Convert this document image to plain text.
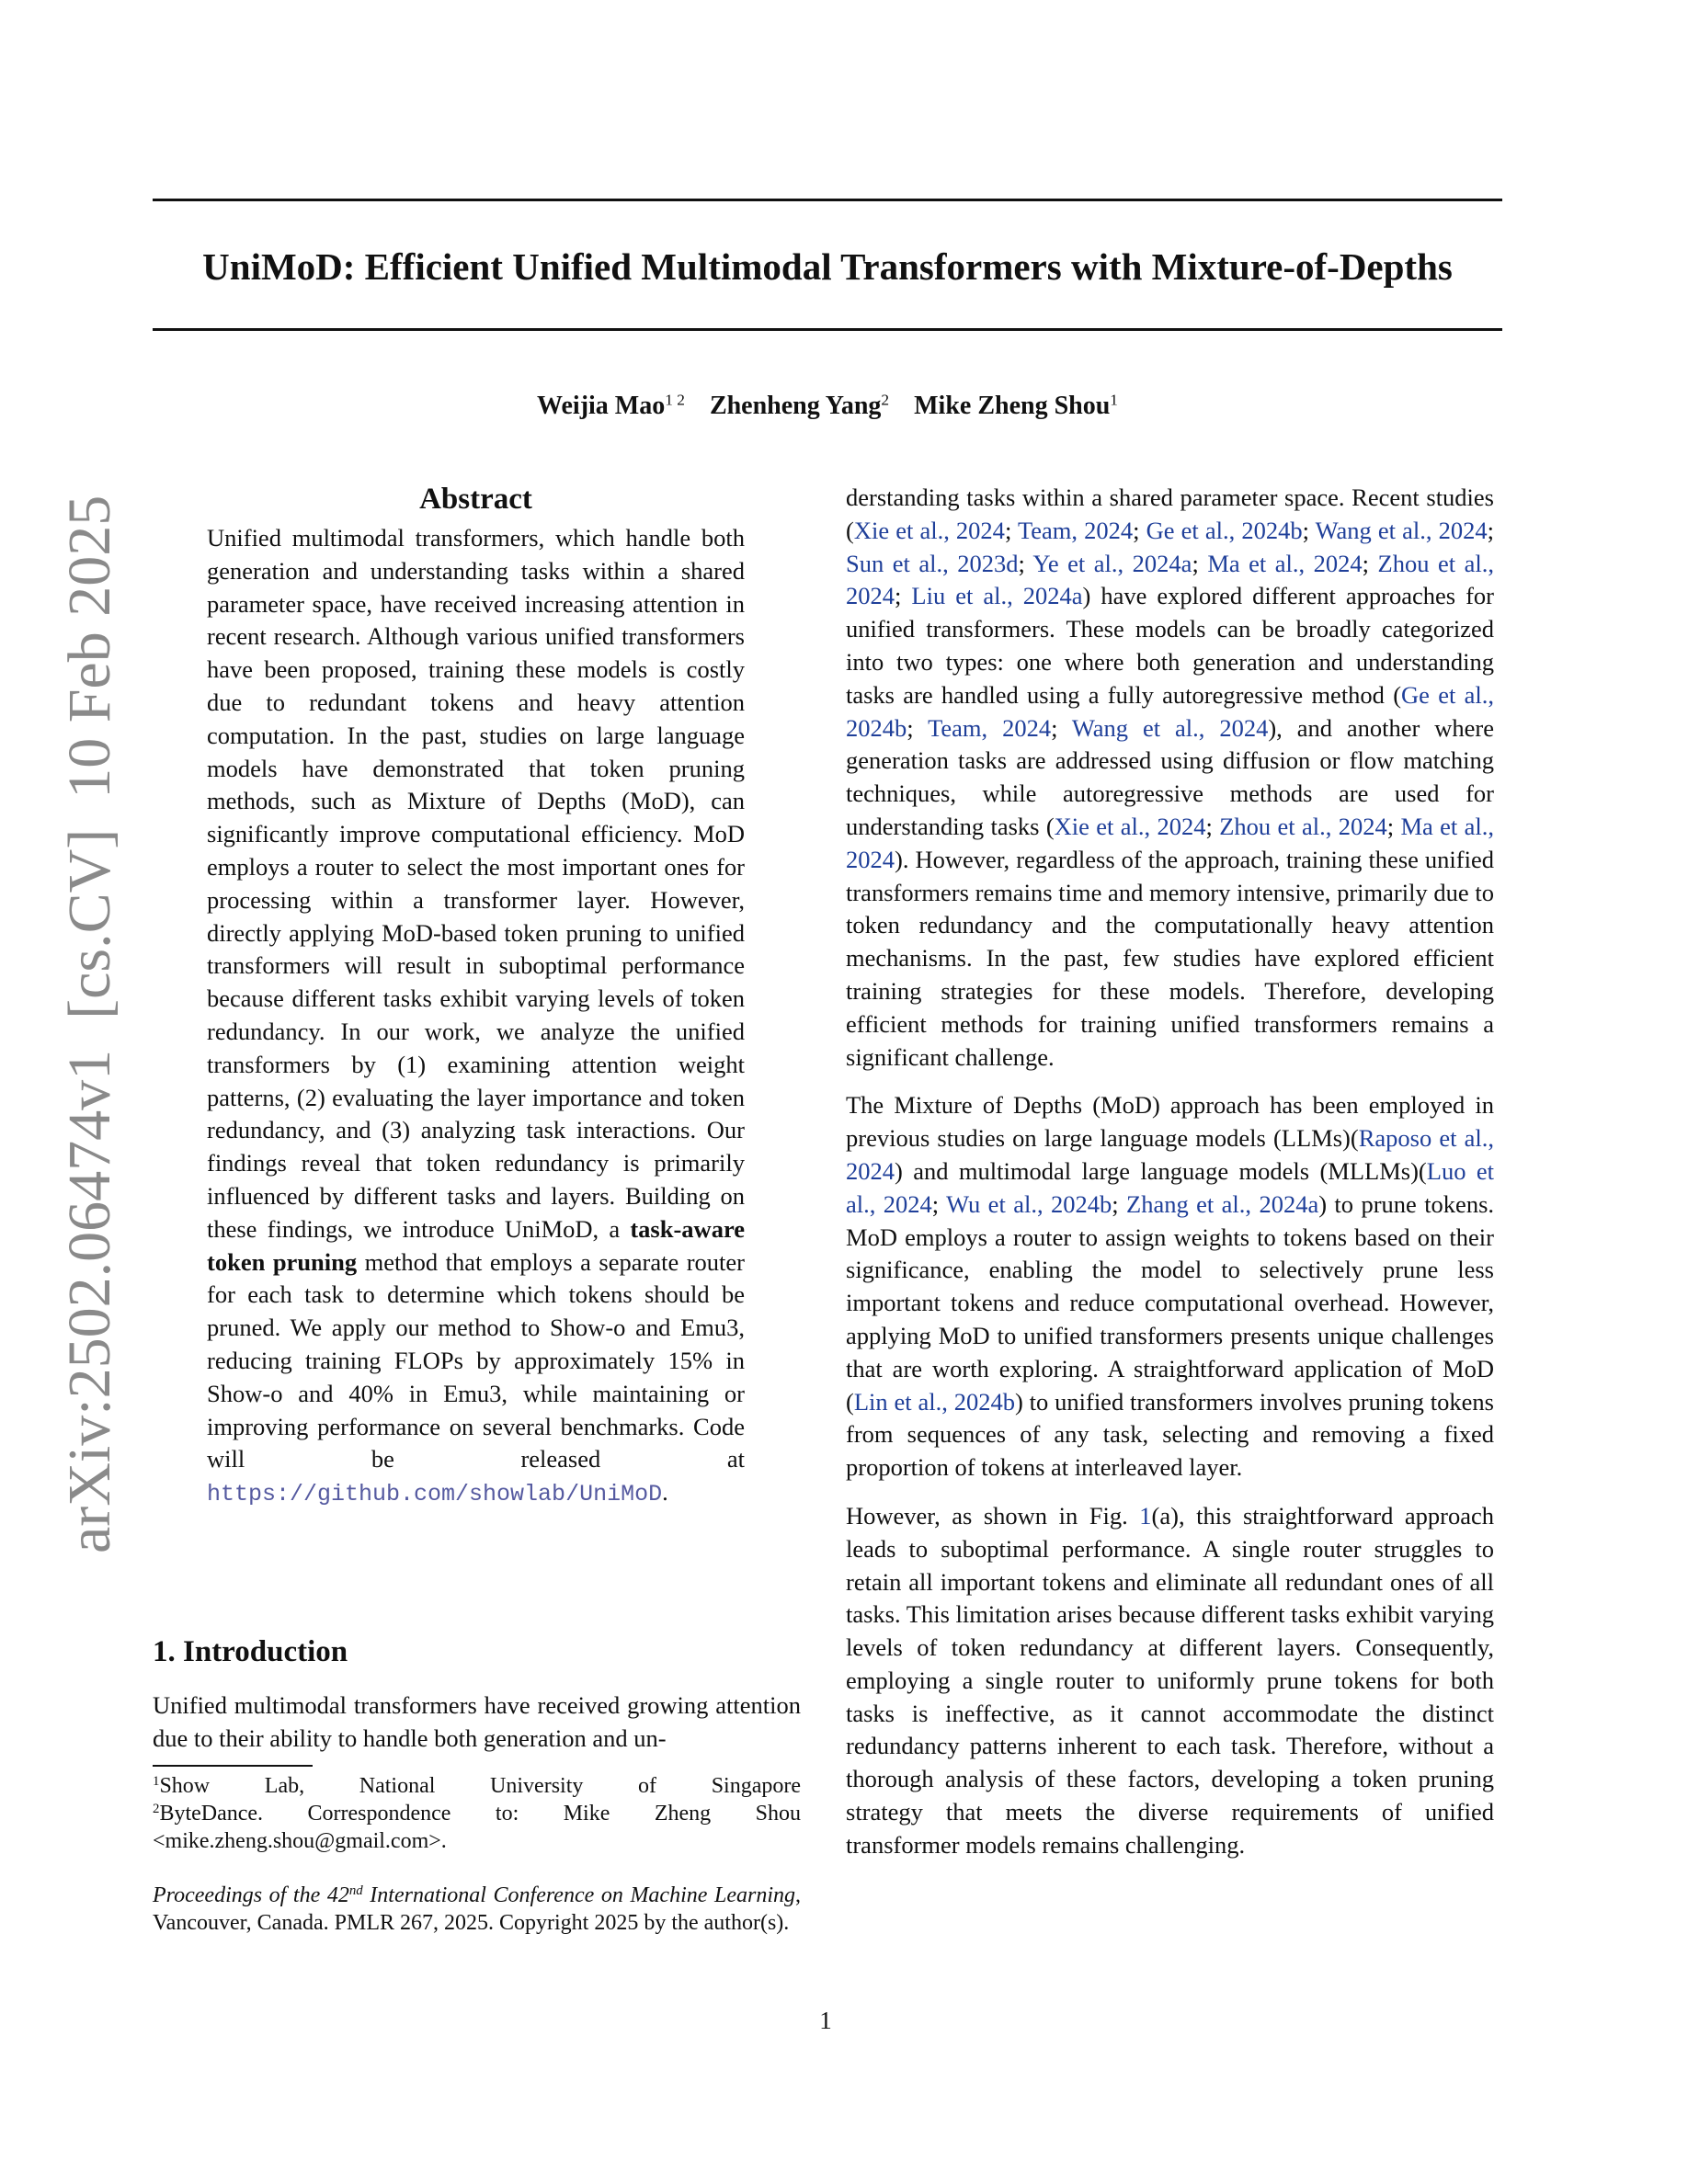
UniMoD: Efficient Unified Multimodal Transformers with Mixture-of-Depths
Weijia Mao$^{1 2}$ Zhenheng Yang$^2$ Mike Zheng Shou$^1$
arXiv:2502.06474v1  [cs.CV]  10 Feb 2025	Abstract

Unified multimodal transformers, which handle both generation and understanding tasks within a shared parameter space, have received increasing attention in recent research. Although various unified transformers have been proposed, training these models is costly due to redundant tokens and heavy attention computation. In the past, studies on large language models have demonstrated that token pruning methods, such as Mixture of Depths (MoD), can significantly improve computational efficiency. MoD employs a router to select the most important ones for processing within a transformer layer. However, directly applying MoD-based token pruning to unified transformers will result in suboptimal performance because different tasks exhibit varying levels of token redundancy. In our work, we analyze the unified transformers by (1) examining attention weight patterns, (2) evaluating the layer importance and token redundancy, and (3) analyzing task interactions. Our findings reveal that token redundancy is primarily influenced by different tasks and layers. Building on these findings, we introduce UniMoD, a task-aware token pruning method that employs a separate router for each task to determine which tokens should be pruned. We apply our method to Show-o and Emu3, reducing training FLOPs by approximately 15% in Show-o and 40% in Emu3, while maintaining or improving performance on several benchmarks. Code will be released at https://github.com/showlab/UniMoD.

1. Introduction

Unified multimodal transformers have received growing attention due to their ability to handle both generation and un-

$^1$Show Lab, National University of Singapore
$^2$ByteDance. Correspondence to: Mike Zheng Shou
<mike.zheng.shou@gmail.com>.
Proceedings of the 42nd International Conference on Machine Learning, Vancouver, Canada. PMLR 267, 2025. Copyright 2025 by the author(s).

derstanding tasks within a shared parameter space. Recent studies (Xie et al., 2024; Team, 2024; Ge et al., 2024b; Wang et al., 2024; Sun et al., 2023d; Ye et al., 2024a; Ma et al., 2024; Zhou et al., 2024; Liu et al., 2024a) have explored different approaches for unified transformers. These models can be broadly categorized into two types: one where both generation and understanding tasks are handled using a fully autoregressive method (Ge et al., 2024b; Team, 2024; Wang et al., 2024), and another where generation tasks are addressed using diffusion or flow matching techniques, while autoregressive methods are used for understanding tasks (Xie et al., 2024; Zhou et al., 2024; Ma et al., 2024). However, regardless of the approach, training these unified transformers remains time and memory intensive, primarily due to token redundancy and the computationally heavy attention mechanisms. In the past, few studies have explored efficient training strategies for these models. Therefore, developing efficient methods for training unified transformers remains a significant challenge.

The Mixture of Depths (MoD) approach has been employed in previous studies on large language models (LLMs)(Raposo et al., 2024) and multimodal large language models (MLLMs)(Luo et al., 2024; Wu et al., 2024b; Zhang et al., 2024a) to prune tokens. MoD employs a router to assign weights to tokens based on their significance, enabling the model to selectively prune less important tokens and reduce computational overhead. However, applying MoD to unified transformers presents unique challenges that are worth exploring. A straightforward application of MoD (Lin et al., 2024b) to unified transformers involves pruning tokens from sequences of any task, selecting and removing a fixed proportion of tokens at interleaved layer.

However, as shown in Fig. 1(a), this straightforward approach leads to suboptimal performance. A single router struggles to retain all important tokens and eliminate all redundant ones of all tasks. This limitation arises because different tasks exhibit varying levels of token redundancy at different layers. Consequently, employing a single router to uniformly prune tokens for both tasks is ineffective, as it cannot accommodate the distinct redundancy patterns inherent to each task. Therefore, without a thorough analysis of these factors, developing a token pruning strategy that meets the diverse requirements of unified transformer models remains challenging.

1
